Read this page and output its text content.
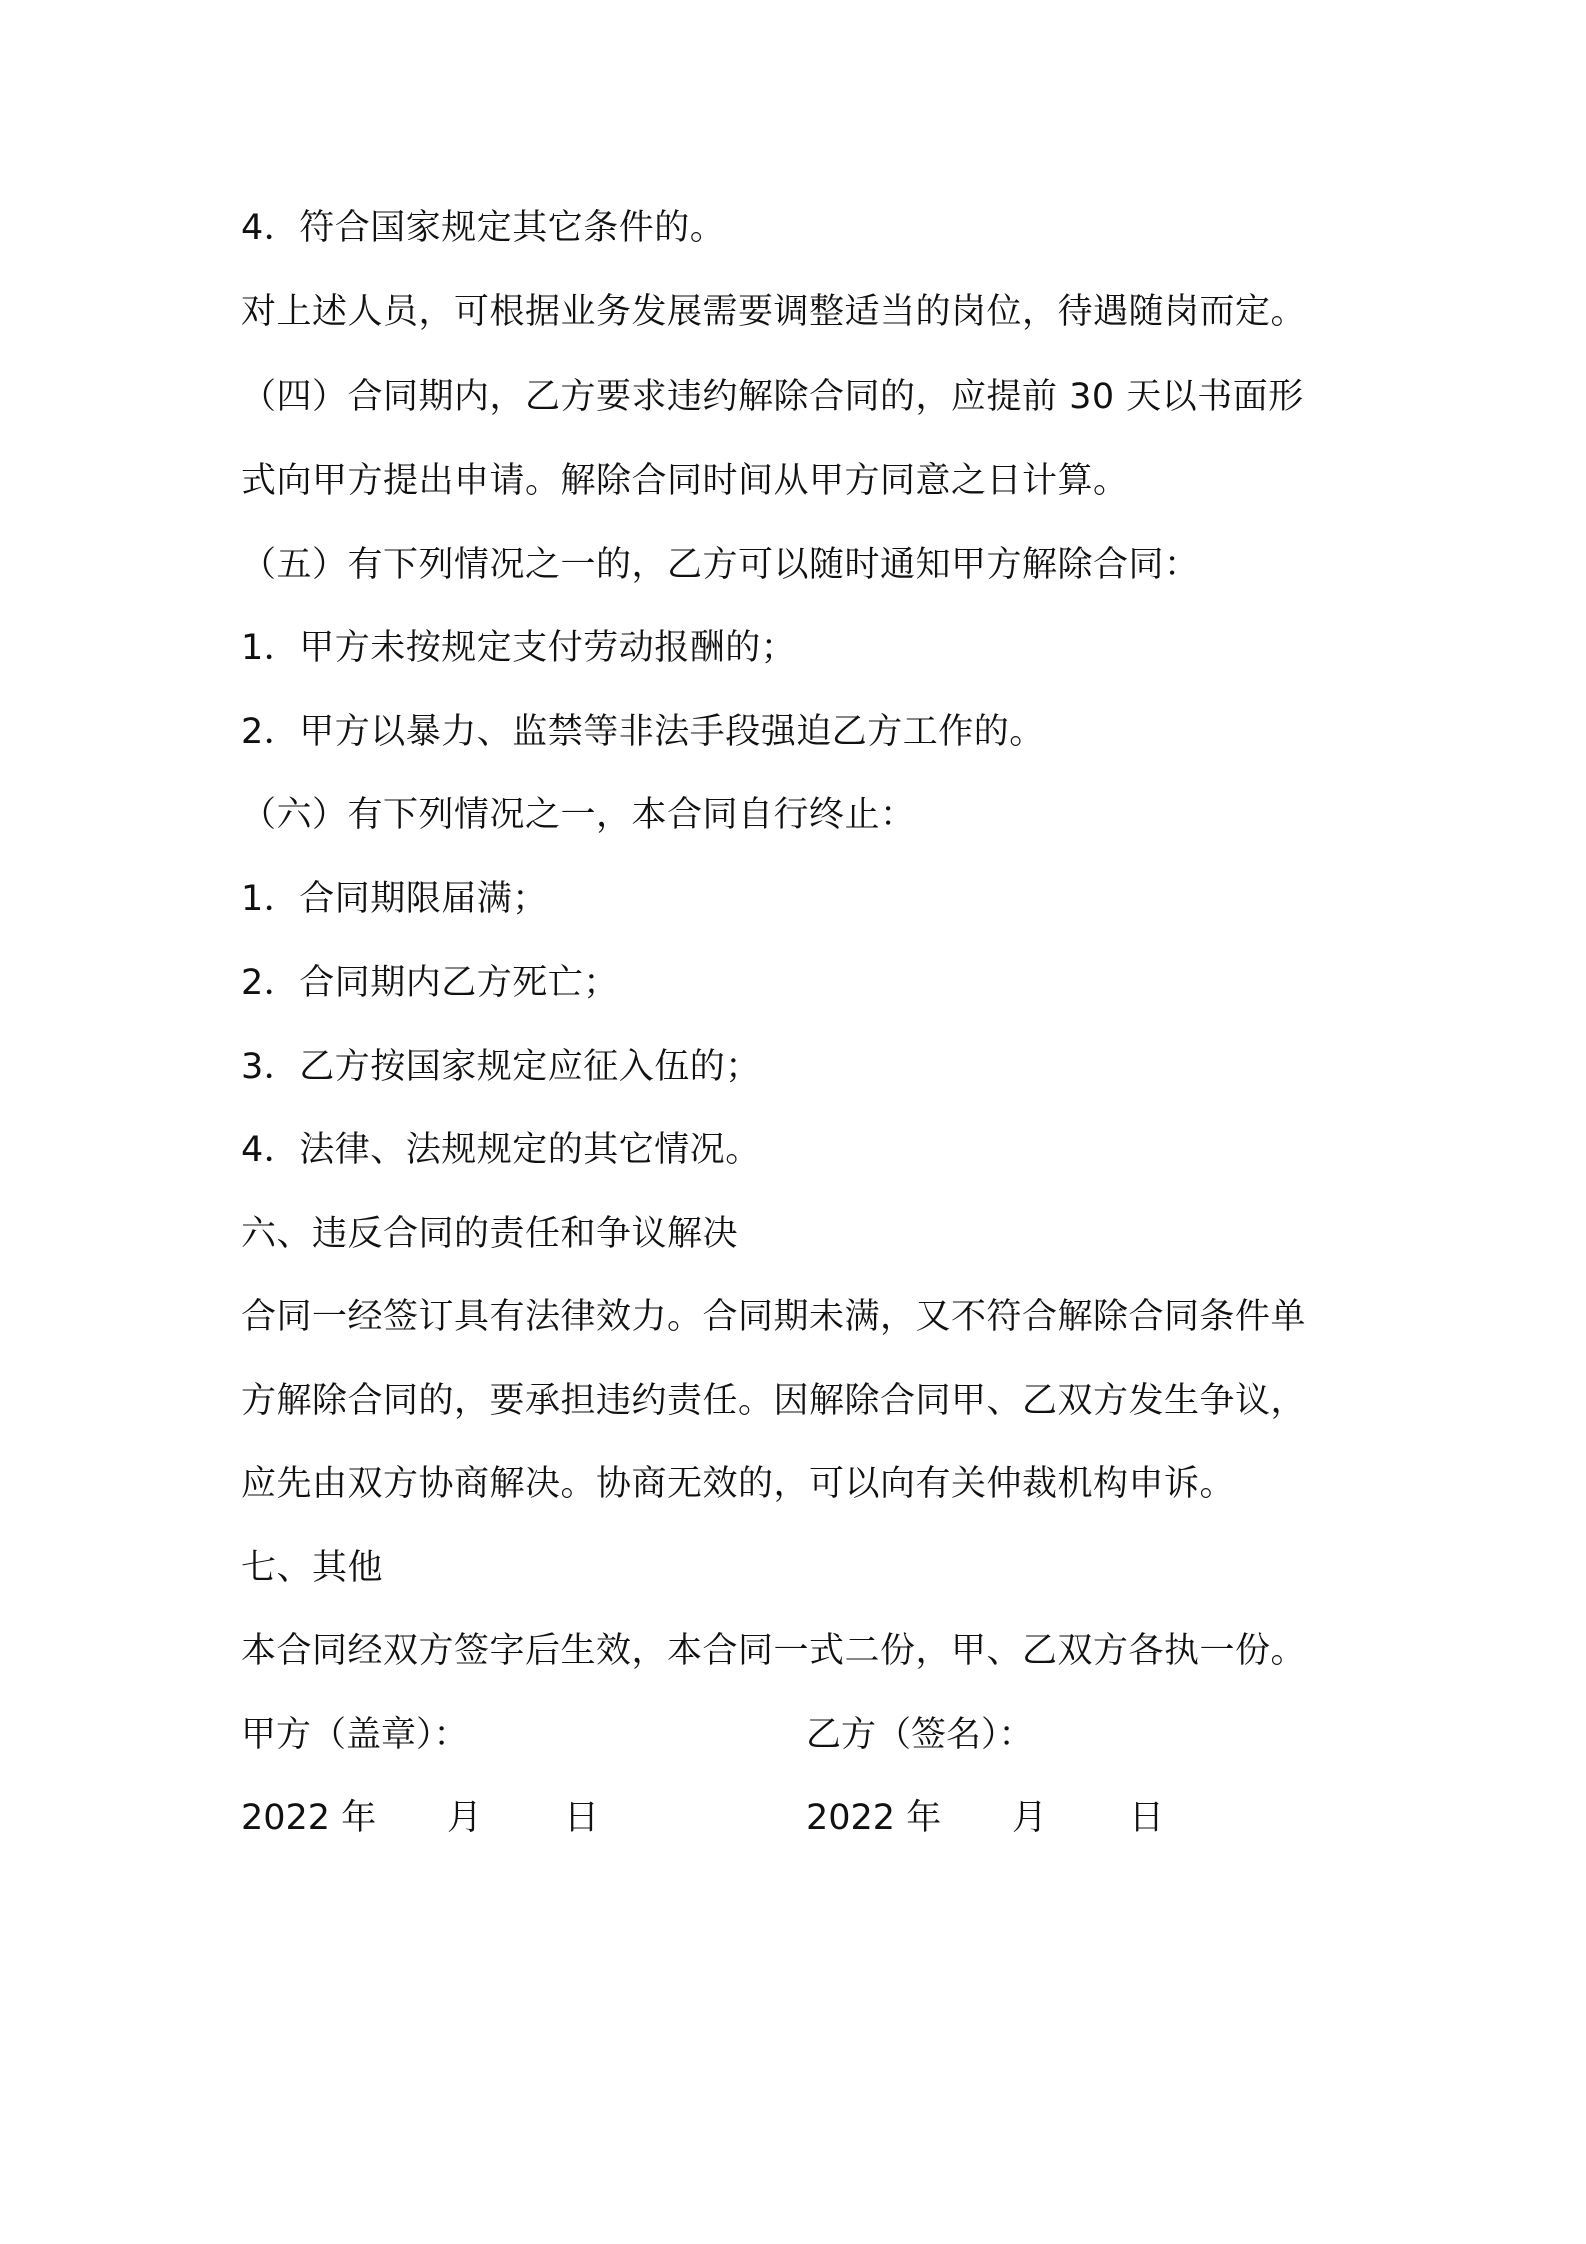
4．符合国家规定其它条件的。
对上述人员，可根据业务发展需要调整适当的岗位，待遇随岗而定。
（四）合同期内，乙方要求违约解除合同的，应提前 30 天以书面形
式向甲方提出申请。解除合同时间从甲方同意之日计算。
（五）有下列情况之一的，乙方可以随时通知甲方解除合同：
1．甲方未按规定支付劳动报酬的；
2．甲方以暴力、监禁等非法手段强迫乙方工作的。
（六）有下列情况之一，本合同自行终止：
1．合同期限届满；
2．合同期内乙方死亡；
3．乙方按国家规定应征入伍的；
4．法律、法规规定的其它情况。
六、违反合同的责任和争议解决
合同一经签订具有法律效力。合同期未满，又不符合解除合同条件单
方解除合同的，要承担违约责任。因解除合同甲、乙双方发生争议，
应先由双方协商解决。协商无效的，可以向有关仲裁机构申诉。
七、其他
本合同经双方签字后生效，本合同一式二份，甲、乙双方各执一份。
甲方（盖章）：	乙方（签名）：
2022 年 月 日	2022 年 月 日
